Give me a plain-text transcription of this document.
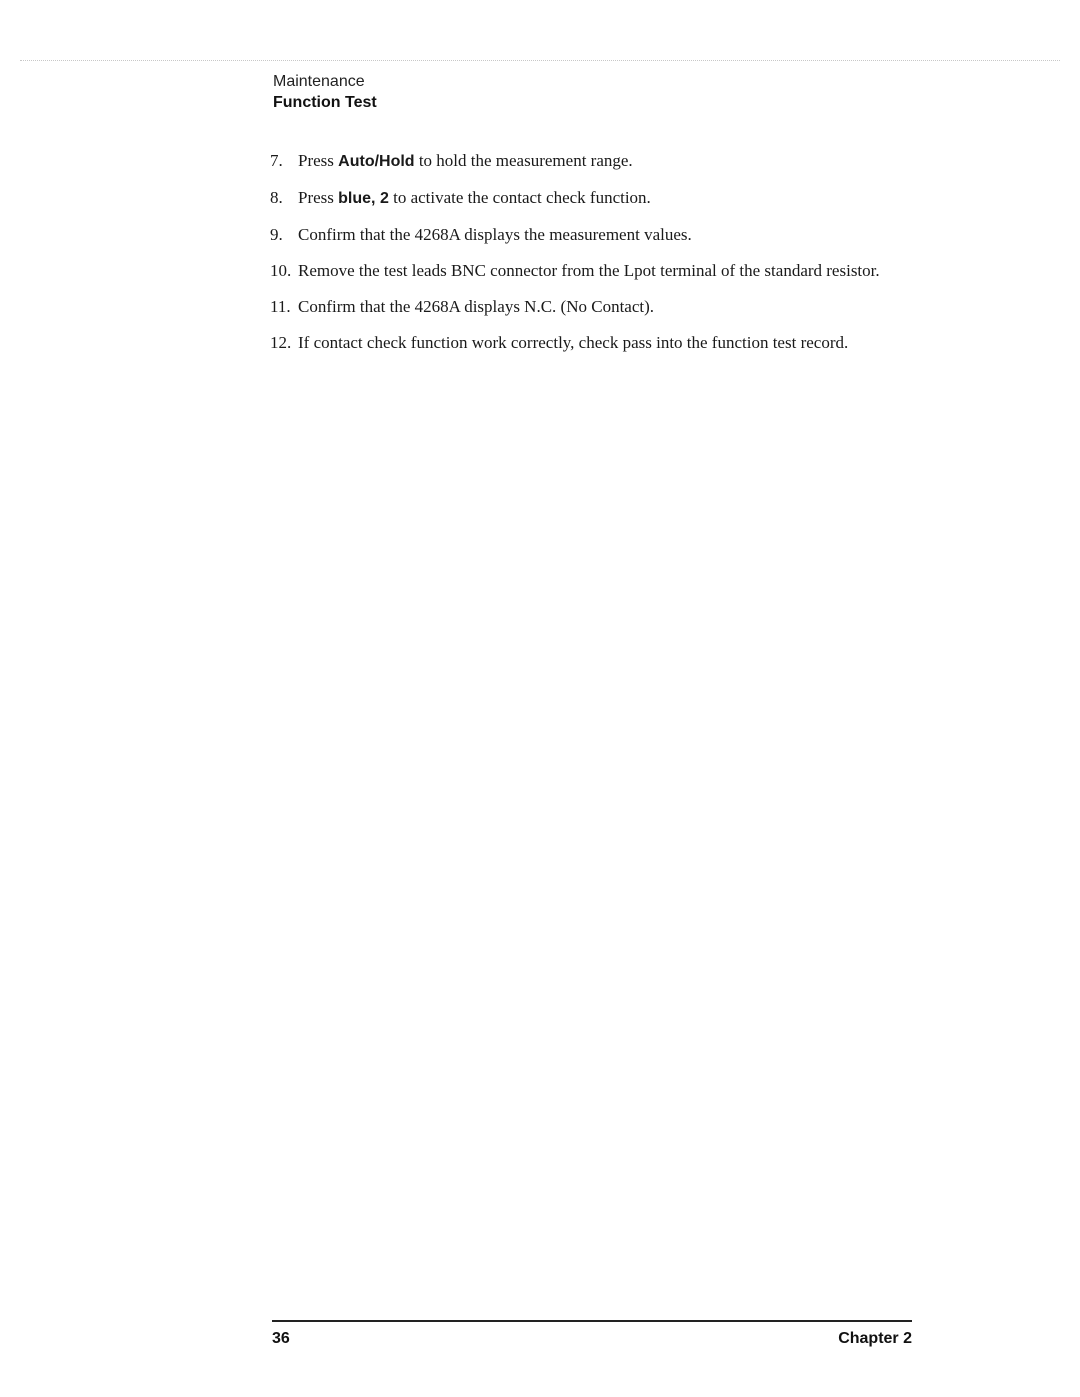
Maintenance
Function Test
7. Press Auto/Hold to hold the measurement range.
8. Press blue, 2 to activate the contact check function.
9. Confirm that the 4268A displays the measurement values.
10. Remove the test leads BNC connector from the Lpot terminal of the standard resistor.
11. Confirm that the 4268A displays N.C. (No Contact).
12. If contact check function work correctly, check pass into the function test record.
36	Chapter 2
